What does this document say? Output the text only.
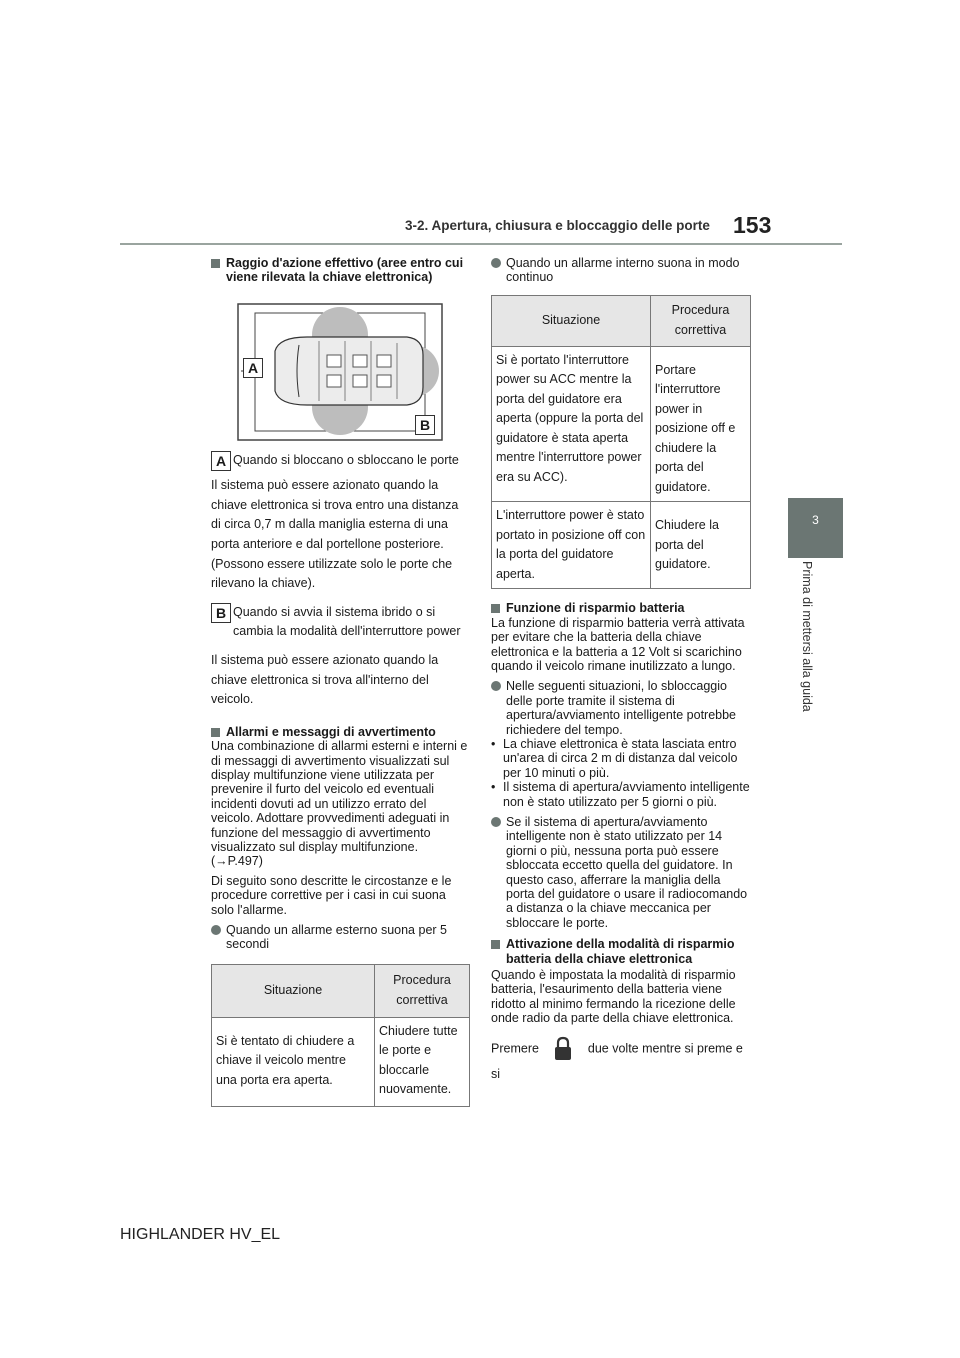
3-2. Apertura, chiusura e bloccaggio delle porte 153
3
Prima di mettersi alla guida
Raggio d'azione effettivo (aree entro cui viene rilevata la chiave elettronica)
A
B
A Quando si bloccano o sbloccano le porte

Il sistema può essere azionato quando la chiave elettronica si trova entro una distanza di circa 0,7 m dalla maniglia esterna di una porta anteriore e dal portellone posteriore. (Possono essere utilizzate solo le porte che rilevano la chiave).

B Quando si avvia il sistema ibrido o si cambia la modalità dell'interruttore power

Il sistema può essere azionato quando la chiave elettronica si trova all'interno del veicolo.

Allarmi e messaggi di avvertimento

Una combinazione di allarmi esterni e interni e di messaggi di avvertimento visualizzati sul display multifunzione viene utilizzata per prevenire il furto del veicolo ed eventuali incidenti dovuti ad un utilizzo errato del veicolo. Adottare provvedimenti adeguati in funzione del messaggio di avvertimento visualizzato sul display multifunzione. (→P.497)

Di seguito sono descritte le circostanze e le procedure correttive per i casi in cui suona solo l'allarme.

Quando un allarme esterno suona per 5 secondi
Situazione	Procedura correttiva
Si è tentato di chiudere a chiave il veicolo mentre una porta era aperta.	Chiudere tutte le porte e bloccarle nuovamente.
Quando un allarme interno suona in modo continuo
Situazione	Procedura correttiva
Si è portato l'interruttore power su ACC mentre la porta del guidatore era aperta (oppure la porta del guidatore è stata aperta mentre l'interruttore power era su ACC).	Portare l'interruttore power in posizione off e chiudere la porta del guidatore.
L'interruttore power è stato portato in posizione off con la porta del guidatore aperta.	Chiudere la porta del guidatore.
Funzione di risparmio batteria

La funzione di risparmio batteria verrà attivata per evitare che la batteria della chiave elettronica e la batteria a 12 Volt si scarichino quando il veicolo rimane inutilizzato a lungo.

Nelle seguenti situazioni, lo sbloccaggio delle porte tramite il sistema di apertura/avviamento intelligente potrebbe richiedere del tempo.
• La chiave elettronica è stata lasciata entro un'area di circa 2 m di distanza dal veicolo per 10 minuti o più.
• Il sistema di apertura/avviamento intelligente non è stato utilizzato per 5 giorni o più.
Se il sistema di apertura/avviamento intelligente non è stato utilizzato per 14 giorni o più, nessuna porta può essere sbloccata eccetto quella del guidatore. In questo caso, afferrare la maniglia della porta del guidatore o usare il radiocomando a distanza o la chiave meccanica per sbloccare le porte.
Attivazione della modalità di risparmio batteria della chiave elettronica

Quando è impostata la modalità di risparmio batteria, l'esaurimento della batteria viene ridotto al minimo fermando la ricezione delle onde radio da parte della chiave elettronica.

Premere	due volte mentre si preme e si

HIGHLANDER HV_EL
